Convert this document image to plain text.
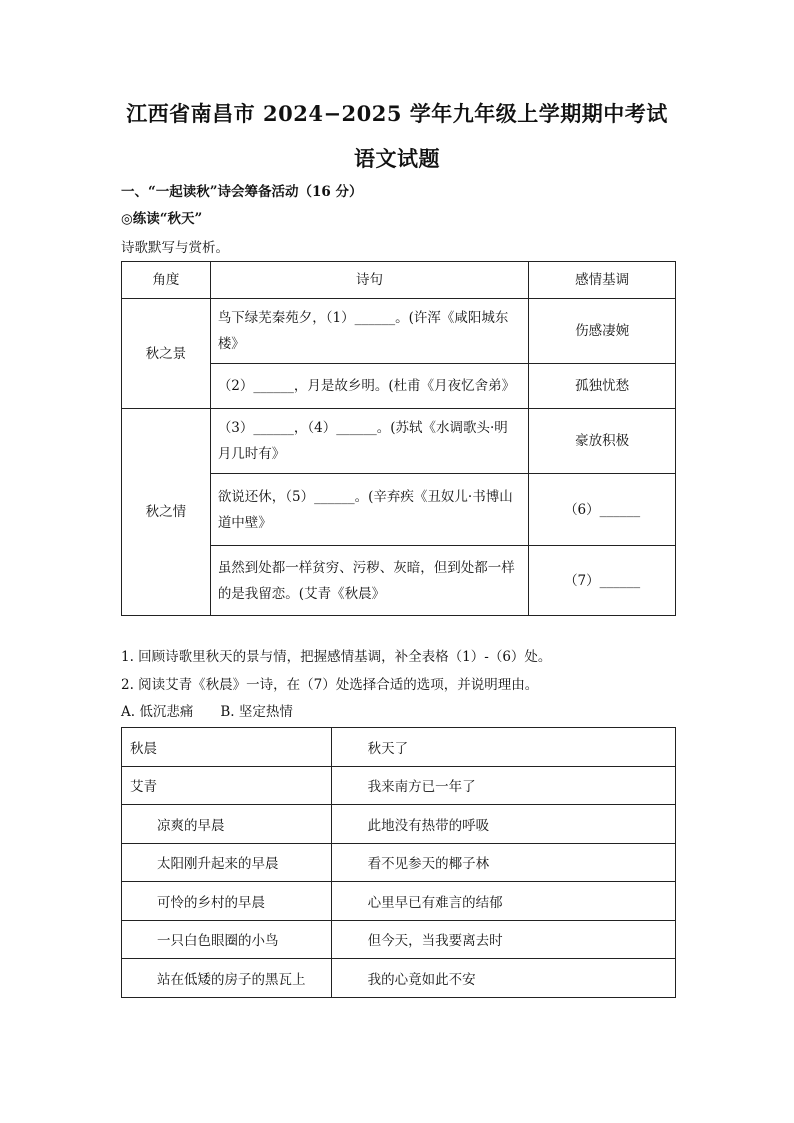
江西省南昌市 2024−2025 学年九年级上学期期中考试
语文试题
一、“一起读秋”诗会筹备活动（16 分）
◎练读“秋天”
诗歌默写与赏析。
角度	诗句	感情基调
秋之景	鸟下绿芜秦苑夕，（1）______。(许浑《咸阳城东楼》	伤感凄婉
	（2）______，月是故乡明。(杜甫《月夜忆舍弟》	孤独忧愁
秋之情	（3）______，（4）______。(苏轼《水调歌头·明月几时有》	豪放积极
	欲说还休，（5）______。(辛弃疾《丑奴儿·书博山道中壁》	（6）______
	虽然到处都一样贫穷、污秽、灰暗，但到处都一样的是我留恋。(艾青《秋晨》	（7）______
1. 回顾诗歌里秋天的景与情，把握感情基调，补全表格（1）-（6）处。
2. 阅读艾青《秋晨》一诗，在（7）处选择合适的选项，并说明理由。
A. 低沉悲痛　　B. 坚定热情
秋晨	秋天了
艾青	我来南方已一年了
凉爽的早晨	此地没有热带的呼吸
太阳刚升起来的早晨	看不见参天的椰子林
可怜的乡村的早晨	心里早已有难言的结郁
一只白色眼圈的小鸟	但今天，当我要离去时
站在低矮的房子的黑瓦上	我的心竟如此不安
